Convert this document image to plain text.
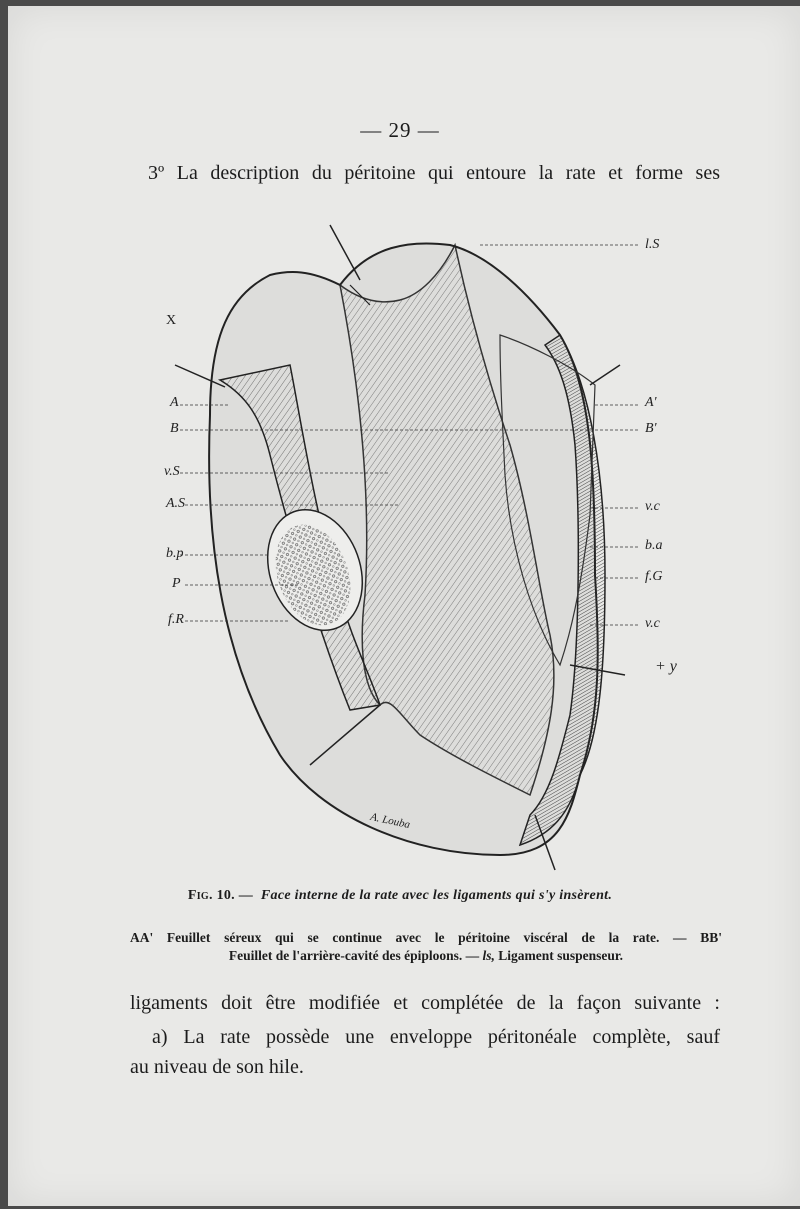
— 29 —
3º La description du péritoine qui entoure la rate et forme ses
l.S
X
A	A'
B	B'
v.S
A.S	v.c
b.a
b.p
P	f.G
f.R	v.c
+ y
A. Louba
Fig. 10. — Face interne de la rate avec les ligaments qui s'y insèrent.
AA' Feuillet séreux qui se continue avec le péritoine viscéral de la rate. — BB'
Feuillet de l'arrière-cavité des épiploons. — ls, Ligament suspenseur.
ligaments doit être modifiée et complétée de la façon suivante :
a) La rate possède une enveloppe péritonéale complète, sauf
au niveau de son hile.
